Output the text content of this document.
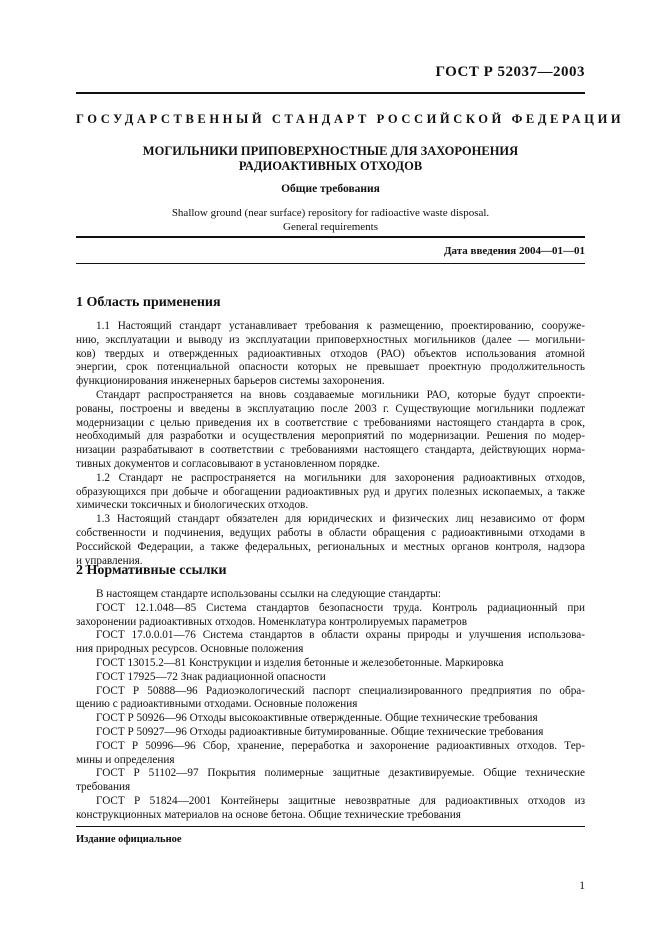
ГОСТ Р 52037—2003
ГОСУДАРСТВЕННЫЙ СТАНДАРТ РОССИЙСКОЙ ФЕДЕРАЦИИ
МОГИЛЬНИКИ ПРИПОВЕРХНОСТНЫЕ ДЛЯ ЗАХОРОНЕНИЯ
РАДИОАКТИВНЫХ ОТХОДОВ
Общие требования
Shallow ground (near surface) repository for radioactive waste disposal.
General requirements
Дата введения 2004—01—01
1 Область применения
1.1 Настоящий стандарт устанавливает требования к размещению, проектированию, сооруже-
нию, эксплуатации и выводу из эксплуатации приповерхностных могильников (далее — могильни-
ков) твердых и отвержденных радиоактивных отходов (РАО) объектов использования атомной
энергии, срок потенциальной опасности которых не превышает проектную продолжительность
функционирования инженерных барьеров системы захоронения.
Стандарт распространяется на вновь создаваемые могильники РАО, которые будут спроекти-
рованы, построены и введены в эксплуатацию после 2003 г. Существующие могильники подлежат
модернизации с целью приведения их в соответствие с требованиями настоящего стандарта в срок,
необходимый для разработки и осуществления мероприятий по модернизации. Решения по модер-
низации разрабатывают в соответствии с требованиями настоящего стандарта, действующих норма-
тивных документов и согласовывают в установленном порядке.
1.2 Стандарт не распространяется на могильники для захоронения радиоактивных отходов,
образующихся при добыче и обогащении радиоактивных руд и других полезных ископаемых, а также
химически токсичных и биологических отходов.
1.3 Настоящий стандарт обязателен для юридических и физических лиц независимо от форм
собственности и подчинения, ведущих работы в области обращения с радиоактивными отходами в
Российской Федерации, а также федеральных, региональных и местных органов контроля, надзора
и управления.
2 Нормативные ссылки
В настоящем стандарте использованы ссылки на следующие стандарты:
ГОСТ 12.1.048—85 Система стандартов безопасности труда. Контроль радиационный при
захоронении радиоактивных отходов. Номенклатура контролируемых параметров
ГОСТ 17.0.0.01—76 Система стандартов в области охраны природы и улучшения использова-
ния природных ресурсов. Основные положения
ГОСТ 13015.2—81 Конструкции и изделия бетонные и железобетонные. Маркировка
ГОСТ 17925—72 Знак радиационной опасности
ГОСТ Р 50888—96 Радиоэкологический паспорт специализированного предприятия по обра-
щению с радиоактивными отходами. Основные положения
ГОСТ Р 50926—96 Отходы высокоактивные отвержденные. Общие технические требования
ГОСТ Р 50927—96 Отходы радиоактивные битумированные. Общие технические требования
ГОСТ Р 50996—96 Сбор, хранение, переработка и захоронение радиоактивных отходов. Тер-
мины и определения
ГОСТ Р 51102—97 Покрытия полимерные защитные дезактивируемые. Общие технические
требования
ГОСТ Р 51824—2001 Контейнеры защитные невозвратные для радиоактивных отходов из
конструкционных материалов на основе бетона. Общие технические требования
Издание официальное
1
